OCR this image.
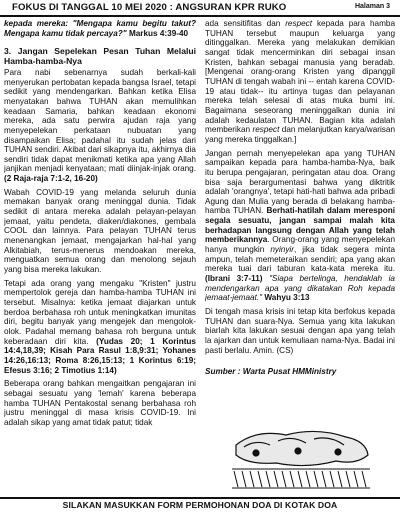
FOKUS DI TANGGAL 10 MEI 2020 : ANGSURAN KPR RUKO	Halaman 3

kepada mereka: "Mengapa kamu begitu takut? Mengapa kamu tidak percaya?" Markus 4:39-40

3. Jangan Sepelekan Pesan Tuhan Melalui Hamba-hamba-Nya

Para nabi sebenarnya sudah berkali-kali menyerukan pertobatan kepada bangsa Israel, tetapi sedikit yang mendengarkan. Bahkan ketika Elisa menyatakan bahwa TUHAN akan memulihkan keadaan Samaria, bahkan keadaan ekonomi mereka, ada satu perwira ajudan raja yang menyepelekan perkataan nubuatan yang disampaikan Elisa; padahal itu sudah jelas dari TUHAN sendiri. Akibat dari sikapnya itu, akhirnya dia sendiri tidak dapat menikmati ketika apa yang Allah janjikan menjadi kenyataan; mati diinjak-injak orang. (2 Raja-raja 7:1-2, 16-20)

Wabah COVID-19 yang melanda seluruh dunia memakan banyak orang meninggal dunia. Tidak sedikit di antara mereka adalah pelayan-pelayan jemaat, yaitu pendeta, diaken/diakones, gembala COOL dan lainnya. Para pelayan TUHAN terus menenangkan jemaat, mengajarkan hal-hal yang Alkitabiah, terus-menerus mendoakan mereka, menguatkan semua orang dan menolong sejauh yang bisa mereka lakukan.

Tetapi ada orang yang mengaku "Kristen" justru mempertolok gereja dan hamba-hamba TUHAN ini tersebut. Misalnya: ketika jemaat diajarkan untuk berdoa berbahasa roh untuk meningkatkan imunitas diri, begitu banyak yang mengejek dan mengolok-olok. Padahal memang bahasa roh berguna untuk keberadaan diri kita. (Yudas 20; 1 Korintus 14:4,18,39; Kisah Para Rasul 1:8,9:31; Yohanes 14:26,16:13; Roma 8:26,15:13; 1 Korintus 6:19; Efesus 3:16; 2 Timotius 1:14)

Beberapa orang bahkan mengaitkan pengajaran ini sebagai sesuatu yang 'lemah' karena beberapa hamba TUHAN Pentakostal senang berbahasa roh justru meninggal di masa krisis COVID-19. Ini adalah sikap yang amat tidak patut; tidak

ada sensitifitas dan respect kepada para hamba TUHAN tersebut maupun keluarga yang ditinggalkan. Mereka yang melakukan demikian sangat tidak mencerminkan diri sebagai insan Kristen, bahkan sebagai manusia yang beradab. [Mengenai orang-orang Kristen yang dipanggil TUHAN di tengah wabah ini -- entah karena COVID-19 atau tidak-- itu artinya tugas dan pelayanan mereka telah selesai di atas muka bumi ini. Bagaimana seseorang meninggalkan dunia ini adalah kedaulatan TUHAN. Bagian kita adalah memberikan respect dan melanjutkan karya/warisan yang mereka tinggalkan.]

Jangan pernah menyepelekan apa yang TUHAN sampaikan kepada para hamba-hamba-Nya, baik itu berupa pengajaran, peringatan atau doa. Orang bisa saja berargumentasi bahwa yang diktritik adalah 'orangnya', tetapi hati-hati bahwa ada pribadi Agung dan Mulia yang berada di belakang hamba-hamba TUHAN. Berhati-hatilah dalam meresponi segala sesuatu, jangan sampai malah kita berhadapan langsung dengan Allah yang telah memberikannya. Orang-orang yang menyepelekan hanya mungkin nyinyir, jika tidak segera minta ampun, telah memeteraikan sendiri; apa yang akan mereka tuai dari taburan kata-kata mereka itu. (Ibrani 3:7-11) "Siapa bertelinga, hendaklah ia mendengarkan apa yang dikatakan Roh kepada jemaat-jemaat." Wahyu 3:13

Di tengah masa krisis ini tetap kita berfokus kepada TUHAN dan suara-Nya. Semua yang kita lakukan biarlah kita lakukan sesuai dengan apa yang telah la ajarkan dan untuk kemuliaan nama-Nya. Badai ini pasti berlalu. Amin. (CS)

Sumber : Warta Pusat HMMinistry
SILAKAN MASUKKAN FORM PERMOHONAN DOA DI KOTAK DOA
